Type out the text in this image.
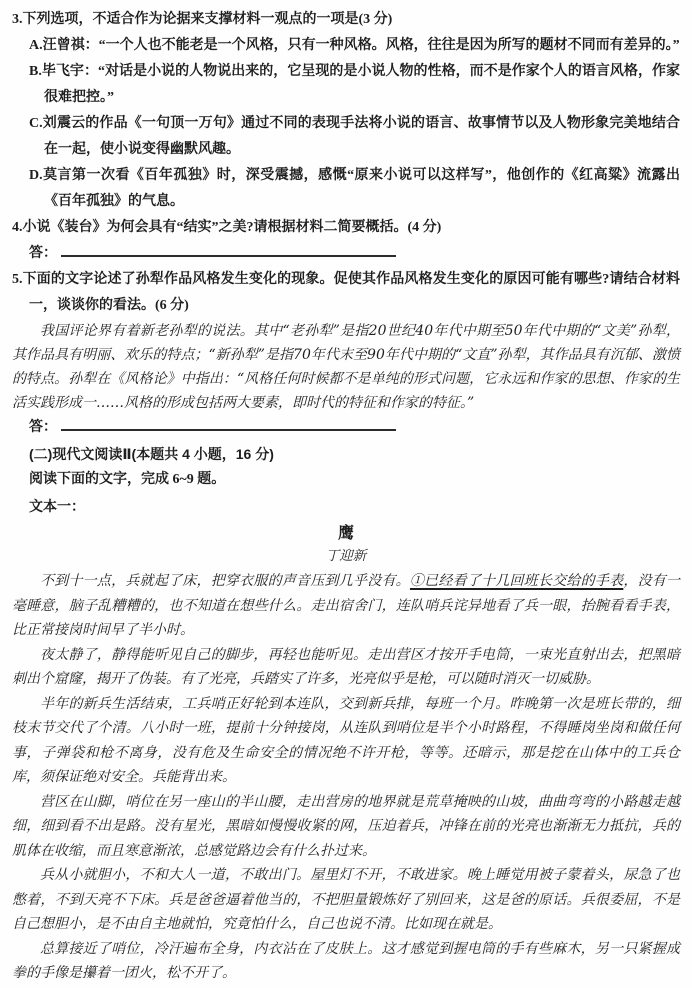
3.下列选项，不适合作为论据来支撑材料一观点的一项是(3 分)
A.汪曾祺：“一个人也不能老是一个风格，只有一种风格。风格，往往是因为所写的题材不同而有差异的。”
B.毕飞宇：“对话是小说的人物说出来的，它呈现的是小说人物的性格，而不是作家个人的语言风格，作家很难把控。”
C.刘震云的作品《一句顶一万句》通过不同的表现手法将小说的语言、故事情节以及人物形象完美地结合在一起，使小说变得幽默风趣。
D.莫言第一次看《百年孤独》时，深受震撼，感慨“原来小说可以这样写”，他创作的《红高粱》流露出《百年孤独》的气息。
4.小说《装台》为何会具有“结实”之美?请根据材料二简要概括。(4 分)
答：
5.下面的文字论述了孙犁作品风格发生变化的现象。促使其作品风格发生变化的原因可能有哪些?请结合材料一，谈谈你的看法。(6 分)

我国评论界有着新老孙犁的说法。其中“老孙犁”是指20世纪40年代中期至50年代中期的“文美”孙犁，其作品具有明丽、欢乐的特点；“新孙犁”是指70年代末至90年代中期的“文直”孙犁，其作品具有沉郁、激愤的特点。孙犁在《风格论》中指出：“风格任何时候都不是单纯的形式问题，它永远和作家的思想、作家的生活实践形成一……风格的形成包括两大要素，即时代的特征和作家的特征。”

答：
(二)现代文阅读Ⅱ(本题共 4 小题，16 分)
阅读下面的文字，完成 6~9 题。
文本一：
鹰
丁迎新

不到十一点，兵就起了床，把穿衣服的声音压到几乎没有。①已经看了十几回班长交给的手表，没有一毫睡意，脑子乱糟糟的，也不知道在想些什么。走出宿舍门，连队哨兵诧异地看了兵一眼，抬腕看看手表，比正常接岗时间早了半小时。

夜太静了，静得能听见自己的脚步，再轻也能听见。走出营区才按开手电筒，一束光直射出去，把黑暗刺出个窟窿，揭开了伪装。有了光亮，兵踏实了许多，光亮似乎是枪，可以随时消灭一切威胁。

半年的新兵生活结束，工兵哨正好轮到本连队，交到新兵排，每班一个月。昨晚第一次是班长带的，细枝末节交代了个清。八小时一班，提前十分钟接岗，从连队到哨位是半个小时路程，不得睡岗坐岗和做任何事，子弹袋和枪不离身，没有危及生命安全的情况绝不许开枪，等等。还暗示，那是挖在山体中的工兵仓库，须保证绝对安全。兵能背出来。

营区在山脚，哨位在另一座山的半山腰，走出营房的地界就是荒草掩映的山坡，曲曲弯弯的小路越走越细，细到看不出是路。没有星光，黑暗如慢慢收紧的网，压迫着兵，冲锋在前的光亮也渐渐无力抵抗，兵的肌体在收缩，而且寒意渐浓，总感觉路边会有什么扑过来。

兵从小就胆小，不和大人一道，不敢出门。屋里灯不开，不敢进家。晚上睡觉用被子蒙着头，尿急了也憋着，不到天亮不下床。兵是爸爸逼着他当的，不把胆量锻炼好了别回来，这是爸的原话。兵很委屈，不是自己想胆小，是不由自主地就怕，究竟怕什么，自己也说不清。比如现在就是。

总算接近了哨位，冷汗遍布全身，内衣沾在了皮肤上。这才感觉到握电筒的手有些麻木，另一只紧握成拳的手像是攥着一团火，松不开了。
